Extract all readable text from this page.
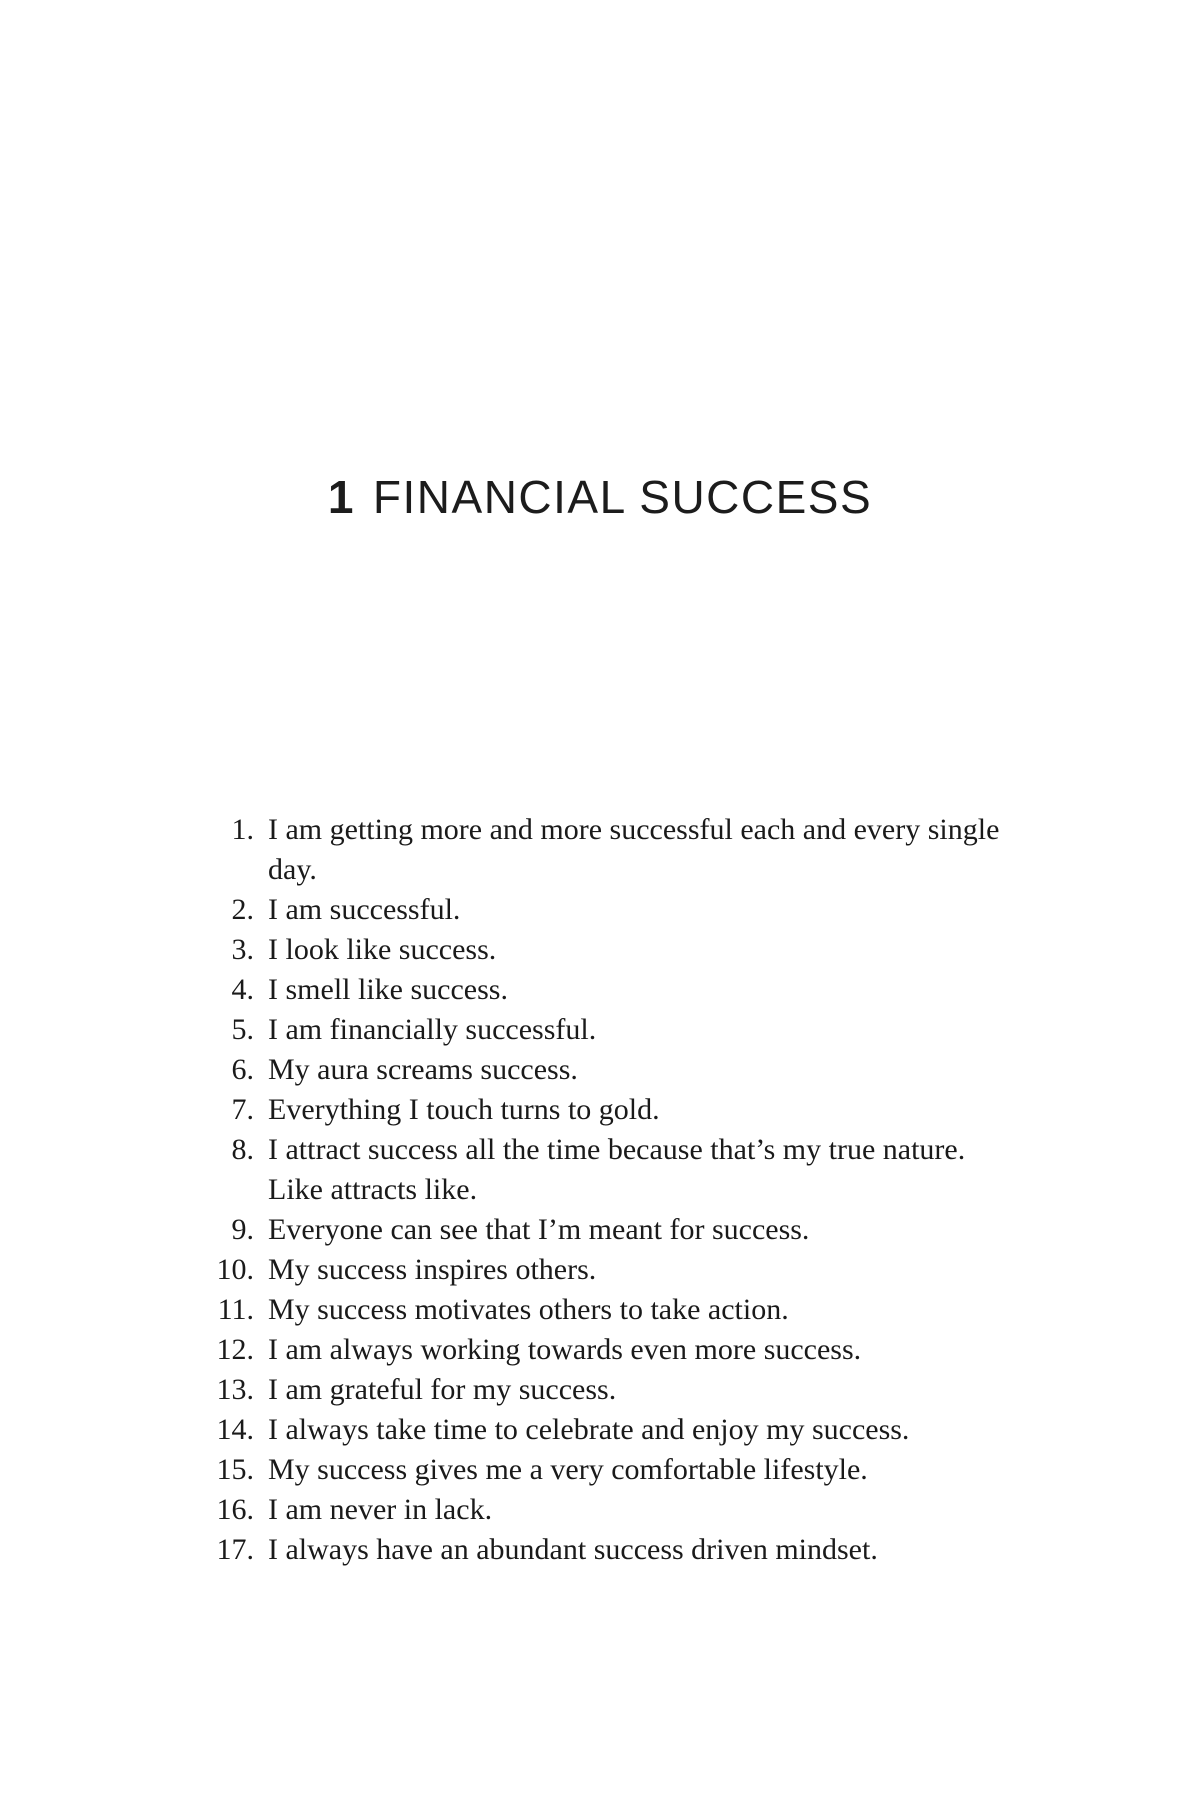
1 FINANCIAL SUCCESS
1. I am getting more and more successful each and every single day.
2. I am successful.
3. I look like success.
4. I smell like success.
5. I am financially successful.
6. My aura screams success.
7. Everything I touch turns to gold.
8. I attract success all the time because that’s my true nature. Like attracts like.
9. Everyone can see that I’m meant for success.
10. My success inspires others.
11. My success motivates others to take action.
12. I am always working towards even more success.
13. I am grateful for my success.
14. I always take time to celebrate and enjoy my success.
15. My success gives me a very comfortable lifestyle.
16. I am never in lack.
17. I always have an abundant success driven mindset.
